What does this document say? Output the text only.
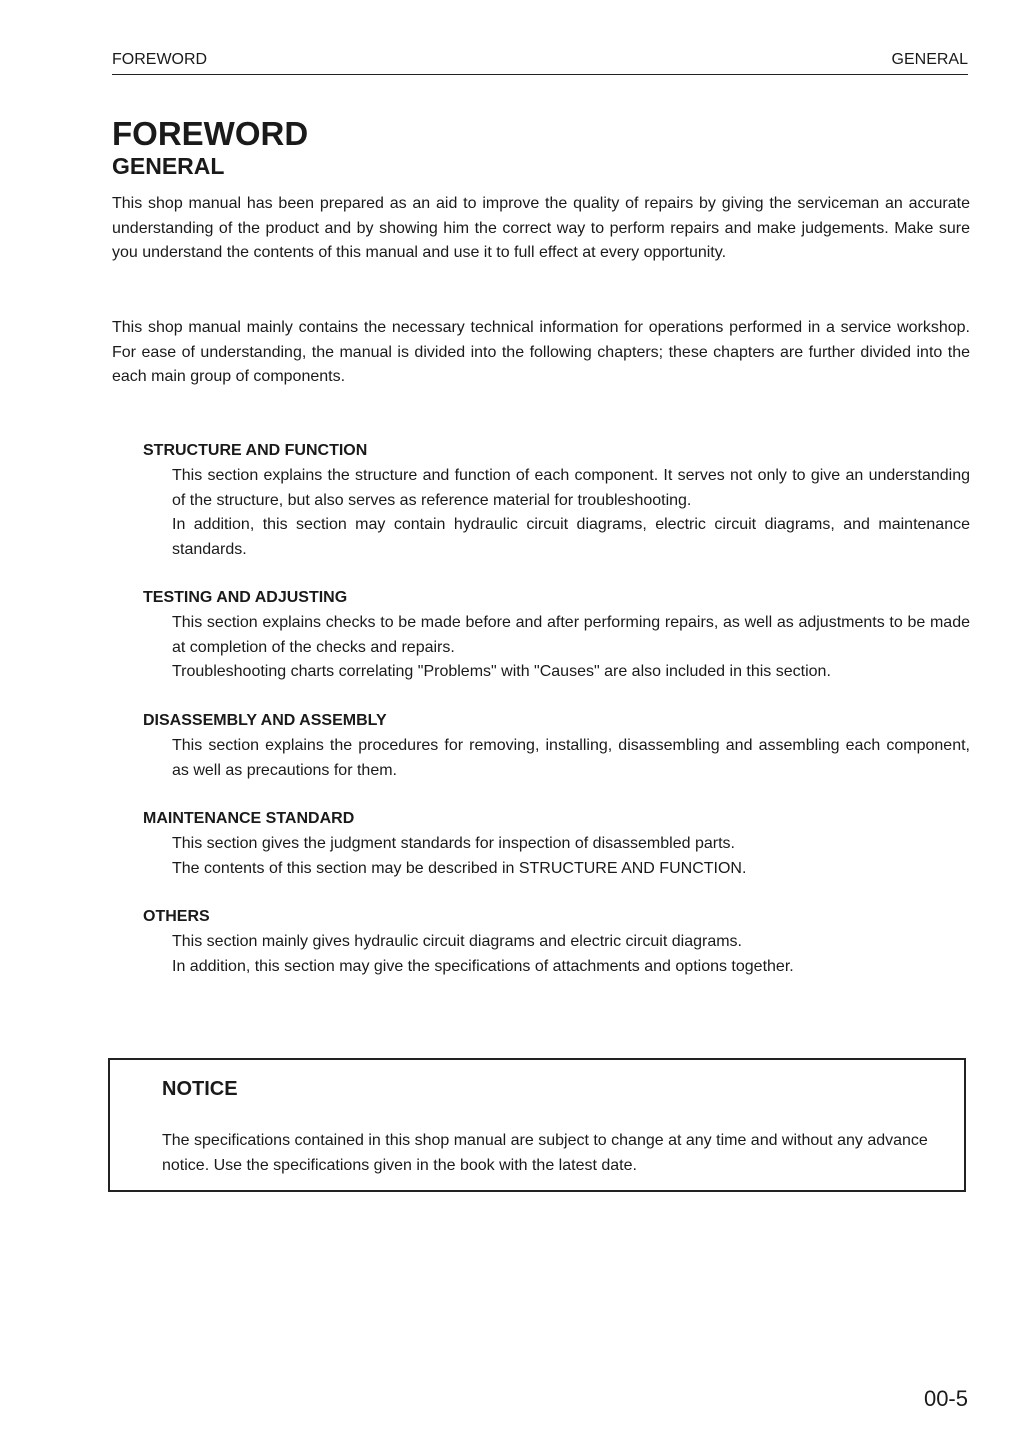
FOREWORD	GENERAL
FOREWORD
GENERAL

This shop manual has been prepared as an aid to improve the quality of repairs by giving the serviceman an accurate understanding of the product and by showing him the correct way to perform repairs and make judgements. Make sure you understand the contents of this manual and use it to full effect at every opportunity.

This shop manual mainly contains the necessary technical information for operations performed in a service workshop. For ease of understanding, the manual is divided into the following chapters; these chapters are further divided into the each main group of components.

STRUCTURE AND FUNCTION

This section explains the structure and function of each component. It serves not only to give an understanding of the structure, but also serves as reference material for troubleshooting.

In addition, this section may contain hydraulic circuit diagrams, electric circuit diagrams, and maintenance standards.

TESTING AND ADJUSTING

This section explains checks to be made before and after performing repairs, as well as adjustments to be made at completion of the checks and repairs.

Troubleshooting charts correlating "Problems" with "Causes" are also included in this section.

DISASSEMBLY AND ASSEMBLY

This section explains the procedures for removing, installing, disassembling and assembling each component, as well as precautions for them.

MAINTENANCE STANDARD

This section gives the judgment standards for inspection of disassembled parts.

The contents of this section may be described in STRUCTURE AND FUNCTION.

OTHERS

This section mainly gives hydraulic circuit diagrams and electric circuit diagrams.

In addition, this section may give the specifications of attachments and options together.

NOTICE

The specifications contained in this shop manual are subject to change at any time and without any advance notice. Use the specifications given in the book with the latest date.

00-5
